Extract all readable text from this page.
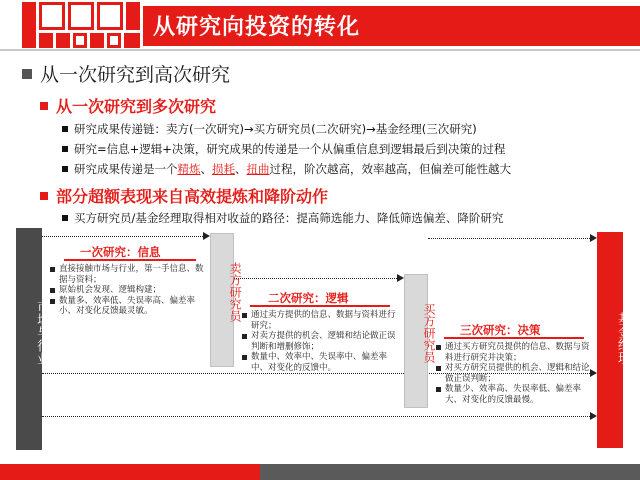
从研究向投资的转化
从一次研究到高次研究
从一次研究到多次研究
研究成果传递链：卖方(一次研究)→买方研究员(二次研究)→基金经理(三次研究)
研究=信息+逻辑+决策，研究成果的传递是一个从偏重信息到逻辑最后到决策的过程
研究成果传递是一个精炼、损耗、扭曲过程，阶次越高，效率越高，但偏差可能性越大
部分超额表现来自高效提炼和降阶动作
买方研究员/基金经理取得相对收益的路径：提高筛选能力、降低筛选偏差、降阶研究
市场与行业
一次研究：信息
直接接触市场与行业，第一手信息、数据与资料；
原始机会发现、逻辑构建；
数量多、效率低、失误率高、偏差率小、对变化反馈最灵敏。	卖方研究员 二次研究：逻辑
通过卖方提供的信息、数据与资料进行研究；
对卖方提供的机会、逻辑和结论做正误判断和增删修饰；
数量中、效率中、失误率中、偏差率中、对变化的反馈中。
买方研究员 三次研究：决策
通过买方研究员提供的信息、数据与资料进行研究并决策；
对买方研究员提供的机会、逻辑和结论做正误判断；
数量少、效率高、失误率低、偏差率大、对变化的反馈最慢。
基金经理
